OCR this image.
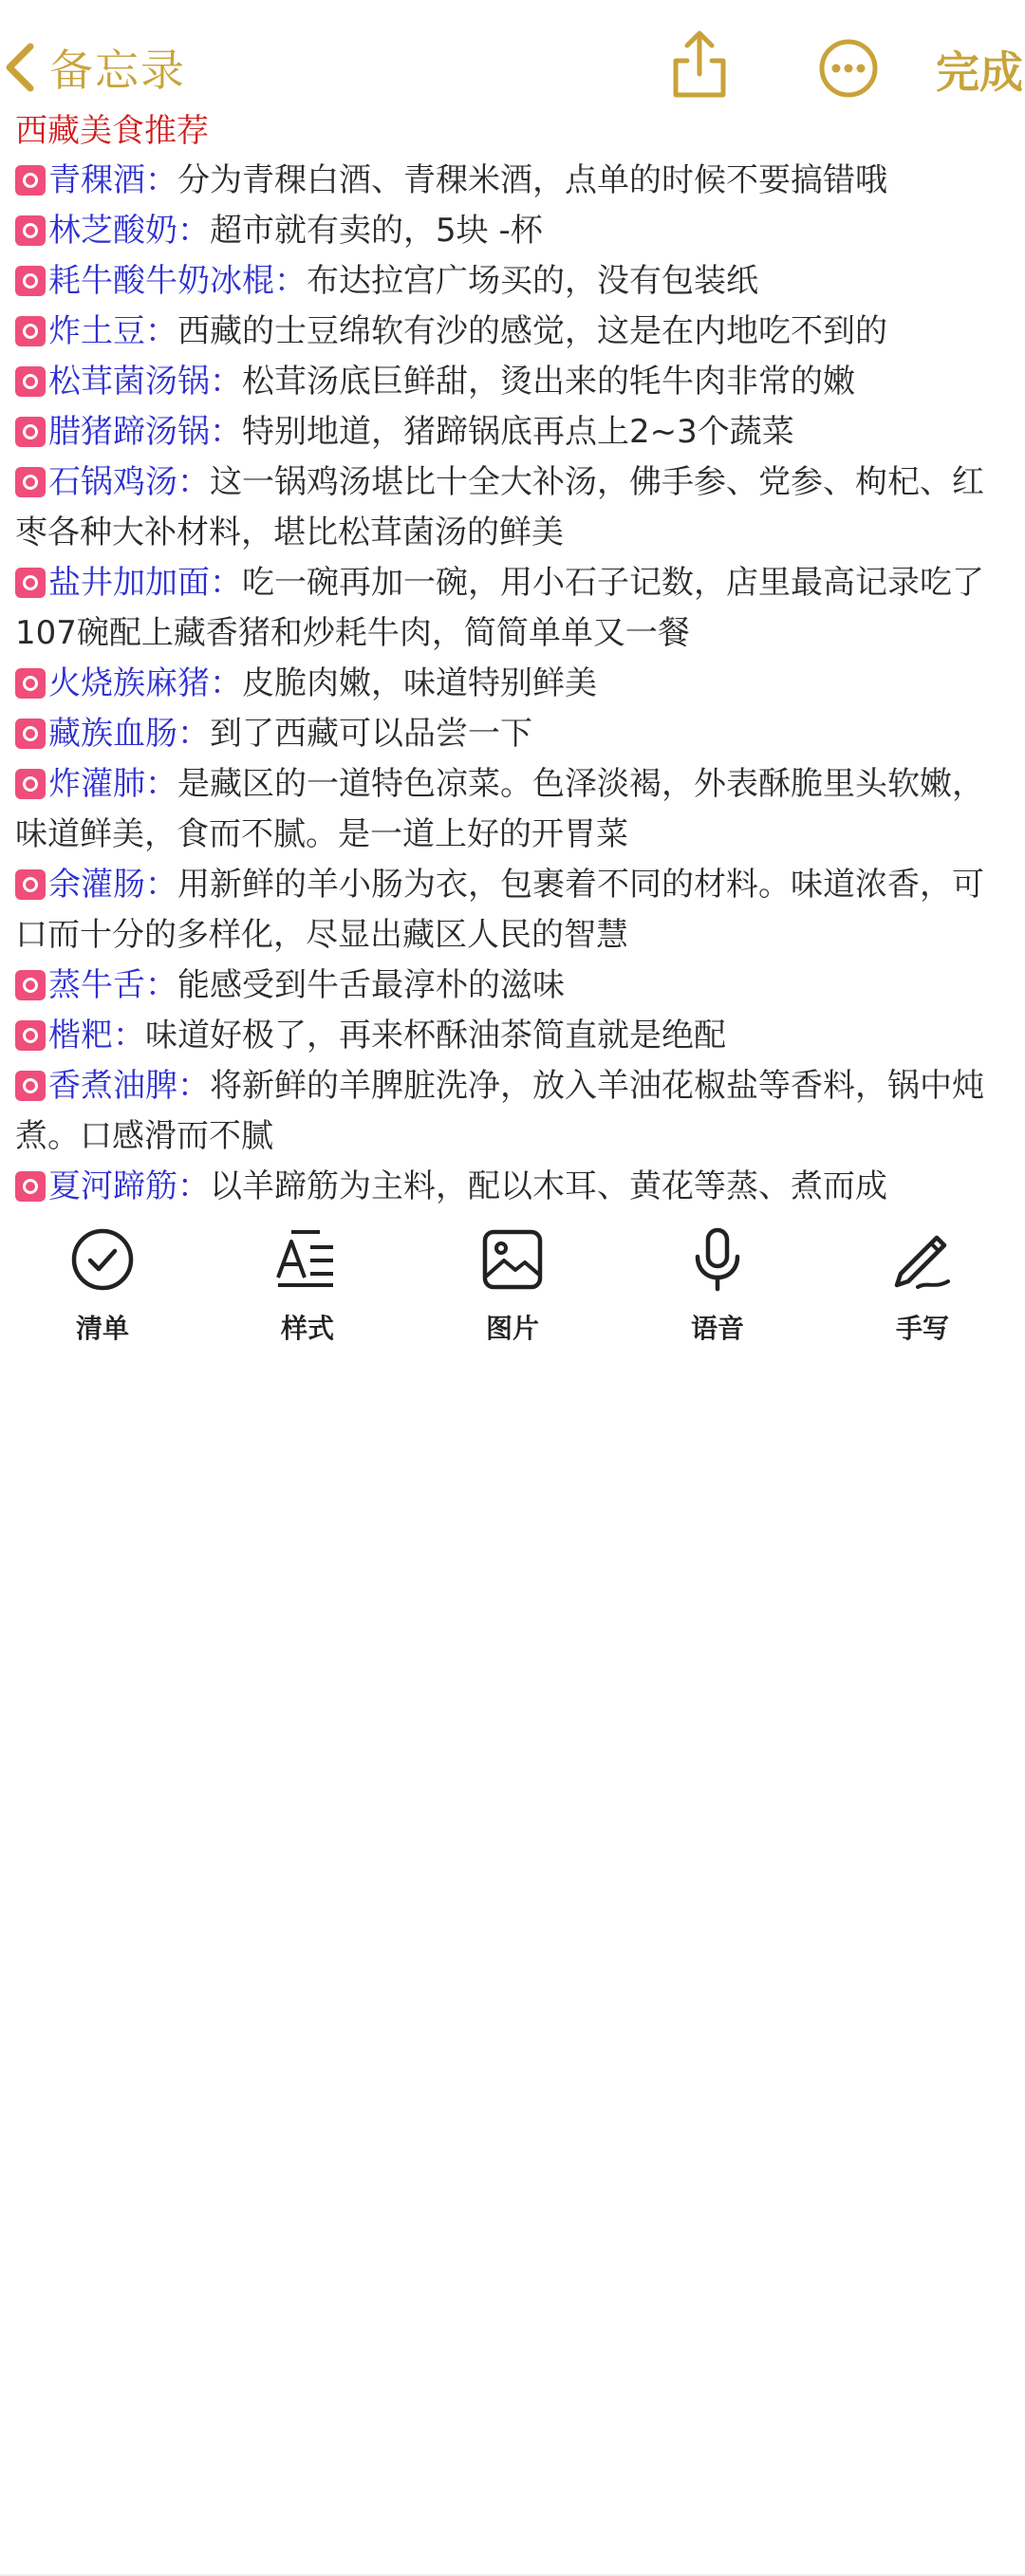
备忘录	完成
西藏美食推荐
青稞酒：分为青稞白酒、青稞米酒，点单的时候不要搞错哦
林芝酸奶：超市就有卖的，5块 -杯
耗牛酸牛奶冰棍：布达拉宫广场买的，没有包装纸
炸土豆：西藏的士豆绵软有沙的感觉，这是在内地吃不到的
松茸菌汤锅：松茸汤底巨鲜甜，烫出来的牦牛肉非常的嫩
腊猪蹄汤锅：特别地道，猪蹄锅底再点上2~3个蔬菜
石锅鸡汤：这一锅鸡汤堪比十全大补汤，佛手参、党参、枸杞、红枣各种大补材料，堪比松茸菌汤的鲜美
盐井加加面：吃一碗再加一碗，用小石子记数，店里最高记录吃了107碗配上藏香猪和炒耗牛肉，简简单单又一餐
火烧族麻猪：皮脆肉嫩，味道特别鲜美
藏族血肠：到了西藏可以品尝一下
炸灌肺：是藏区的一道特色凉菜。色泽淡褐，外表酥脆里头软嫩，味道鲜美，食而不腻。是一道上好的开胃菜
余灌肠：用新鲜的羊小肠为衣，包裹着不同的材料。味道浓香，可口而十分的多样化，尽显出藏区人民的智慧
蒸牛舌：能感受到牛舌最淳朴的滋味
楷粑：味道好极了，再来杯酥油茶简直就是绝配
香煮油脾：将新鲜的羊脾脏洗净，放入羊油花椒盐等香料，锅中炖煮。口感滑而不腻
夏河蹄筋：以羊蹄筋为主料，配以木耳、黄花等蒸、煮而成
清单	样式	图片	语音	手写
